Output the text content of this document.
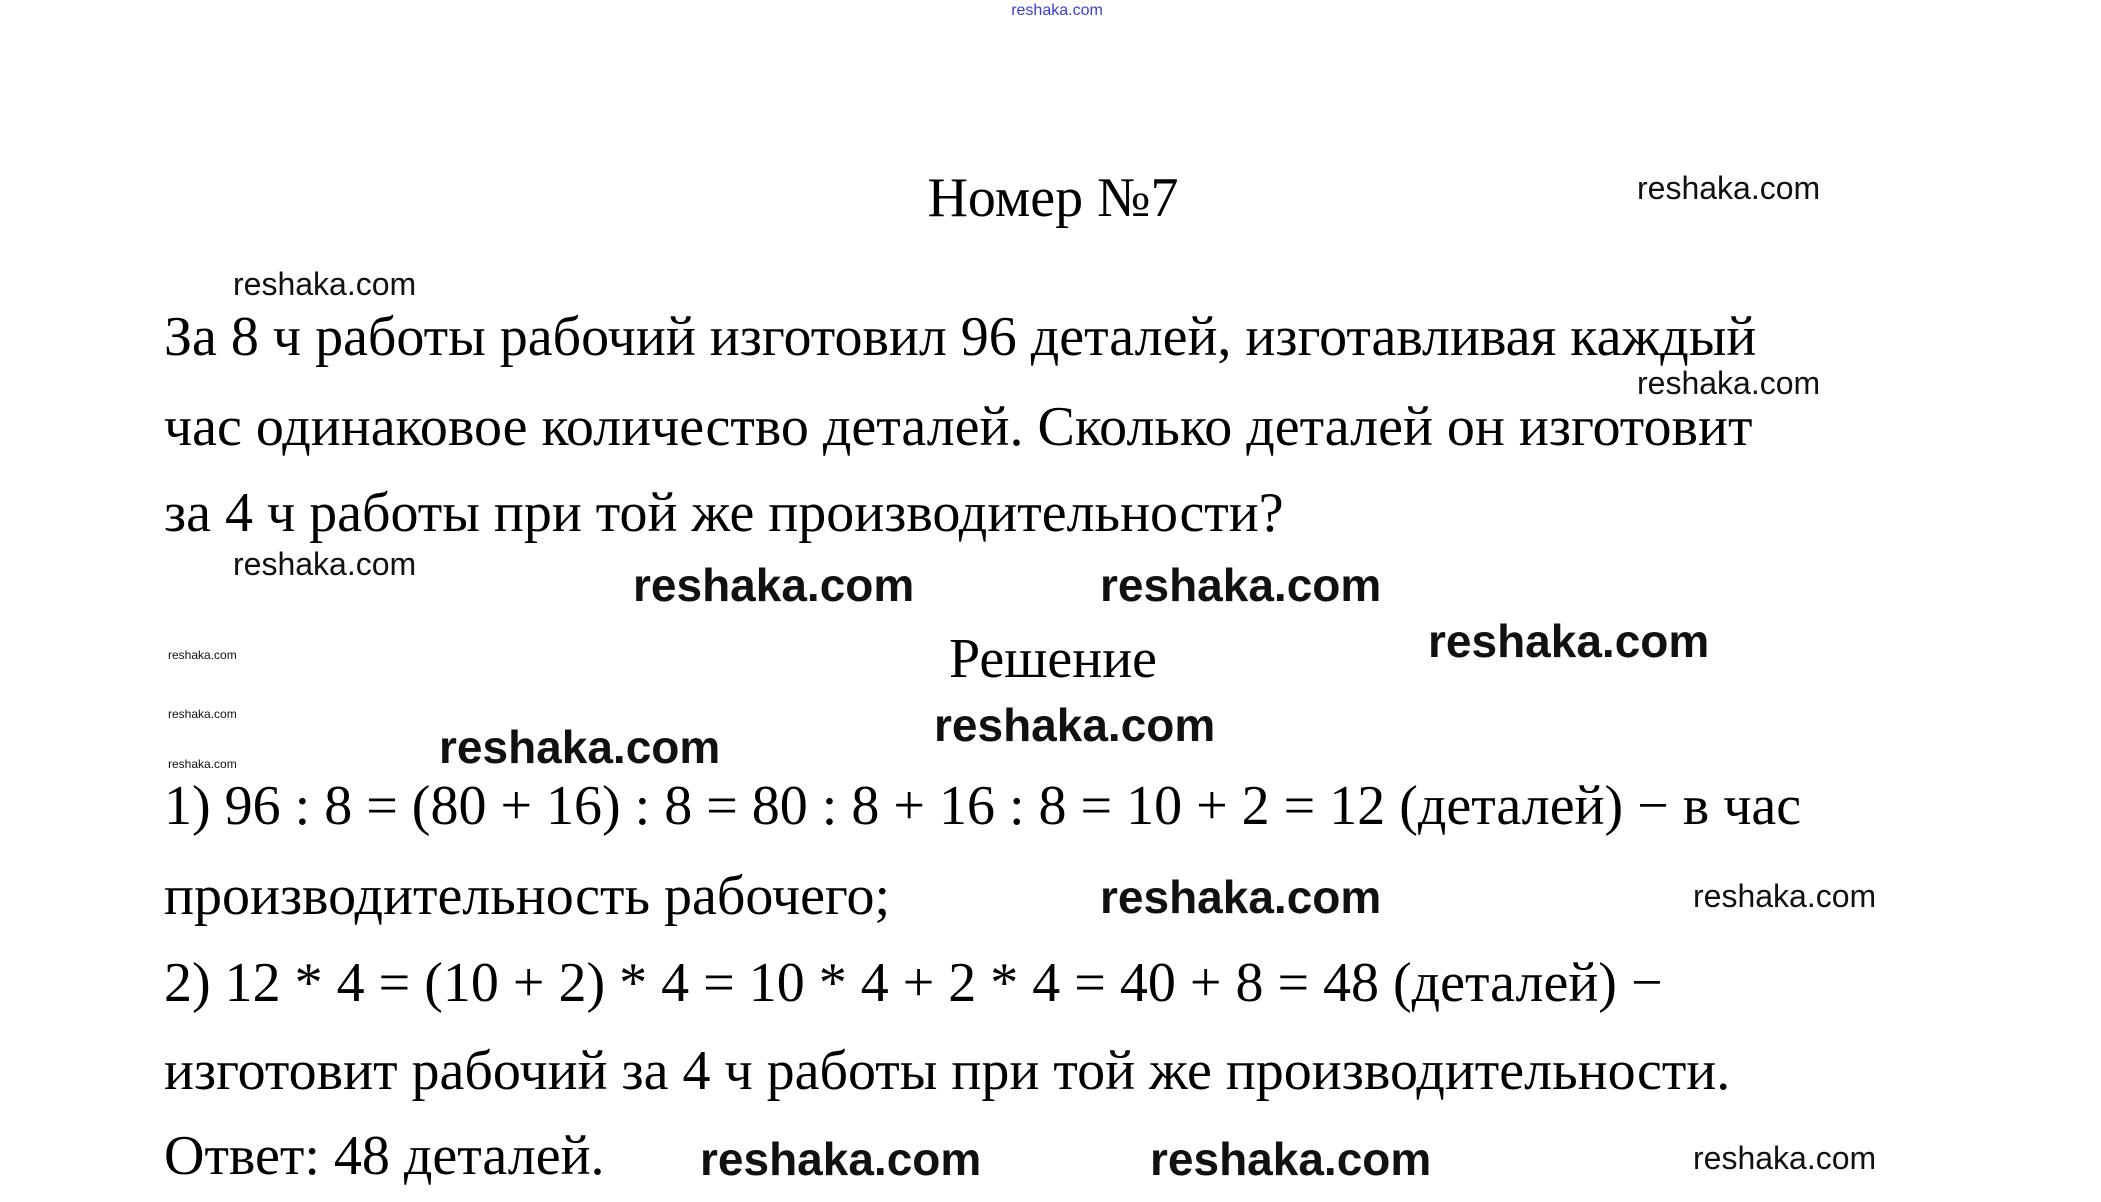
reshaka.com
Номер №7
За 8 ч работы рабочий изготовил 96 деталей, изготавливая каждый
час одинаковое количество деталей. Сколько деталей он изготовит
за 4 ч работы при той же производительности?
Решение
1) 96 : 8 = (80 + 16) : 8 = 80 : 8 + 16 : 8 = 10 + 2 = 12 (деталей) − в час
производительность рабочего;
2) 12 * 4 = (10 + 2) * 4 = 10 * 4 + 2 * 4 = 40 + 8 = 48 (деталей) −
изготовит рабочий за 4 ч работы при той же производительности.
Ответ: 48 деталей.
reshaka.com
reshaka.com
reshaka.com	reshaka.com
reshaka.com
reshaka.com
reshaka.com
reshaka.com
reshaka.com
reshaka.com
reshaka.com
reshaka.com
reshaka.com
reshaka.com	reshaka.com
reshaka.com
reshaka.com
